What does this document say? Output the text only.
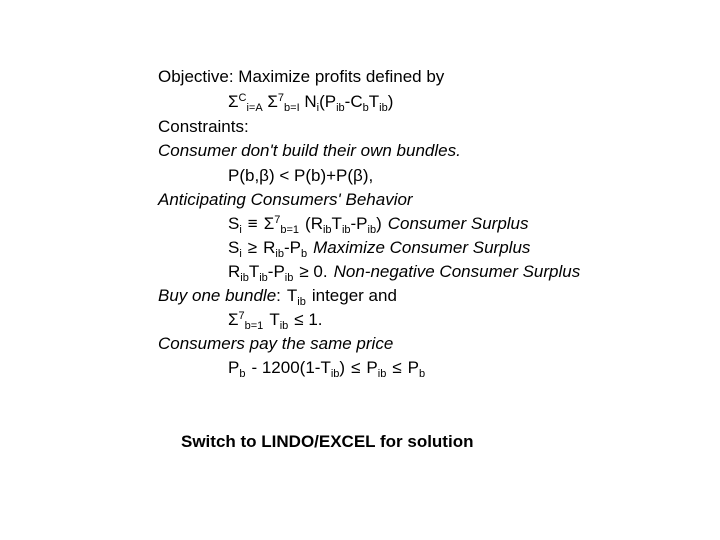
Objective: Maximize profits defined by
$\Sigma^C_{i=A}$ $\Sigma^7_{b=I}$ $N_i(P_{ib}-C_bT_{ib})$
Constraints:
Consumer don't build their own bundles.
P(b,β) < P(b)+P(β),
Anticipating Consumers' Behavior
$S_i \equiv \Sigma^7_{b=1}$ $(R_{ib}T_{ib}-P_{ib})$ Consumer Surplus
$S_i \ge R_{ib}-P_b$ Maximize Consumer Surplus
$R_{ib}T_{ib}-P_{ib} \ge 0$. Non-negative Consumer Surplus
Buy one bundle: $T_{ib}$ integer and
$\Sigma^7_{b=1}$ $T_{ib} \le 1$.
Consumers pay the same price
$P_b - 1200(1-T_{ib}) \le P_{ib} \le P_b$
Switch to LINDO/EXCEL for solution
